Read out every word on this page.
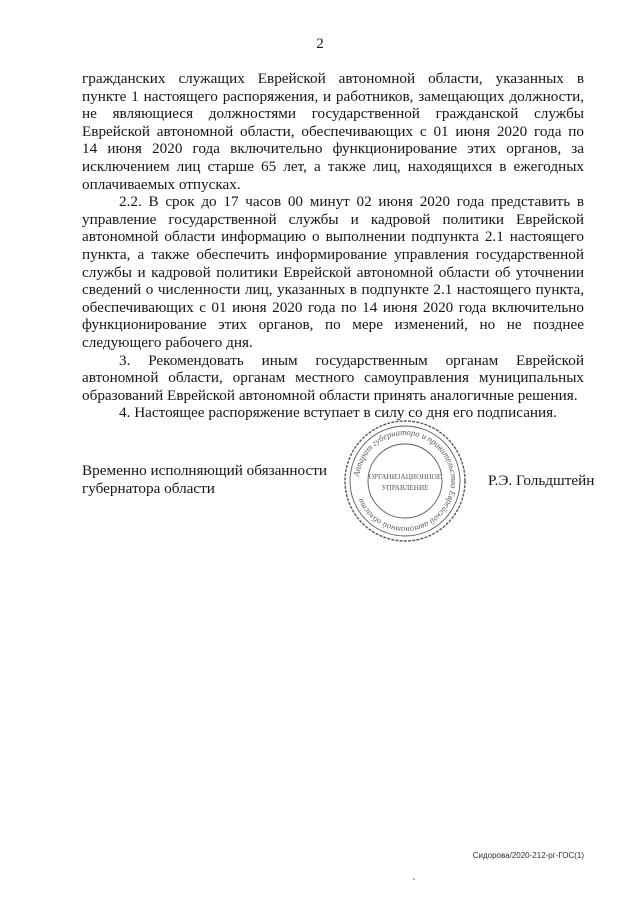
2
гражданских служащих Еврейской автономной области, указанных в
пункте 1 настоящего распоряжения, и работников, замещающих должности,
не являющиеся должностями государственной гражданской службы
Еврейской автономной области, обеспечивающих с 01 июня 2020 года по
14 июня 2020 года включительно функционирование этих органов, за
исключением лиц старше 65 лет, а также лиц, находящихся в ежегодных
оплачиваемых отпусках.
2.2. В срок до 17 часов 00 минут 02 июня 2020 года представить в
управление государственной службы и кадровой политики Еврейской
автономной области информацию о выполнении подпункта 2.1 настоящего
пункта, а также обеспечить информирование управления государственной
службы и кадровой политики Еврейской автономной области об уточнении
сведений о численности лиц, указанных в подпункте 2.1 настоящего пункта,
обеспечивающих с 01 июня 2020 года по 14 июня 2020 года включительно
функционирование этих органов, по мере изменений, но не позднее
следующего рабочего дня.
3. Рекомендовать иным государственным органам Еврейской
автономной области, органам местного самоуправления муниципальных
образований Еврейской автономной области принять аналогичные решения.
4. Настоящее распоряжение вступает в силу со дня его подписания.
Временно исполняющий обязанности
губернатора области
Аппарат губернатора и правительства Еврейской автономной области
ОРГАНИЗАЦИОННОЕ
УПРАВЛЕНИЕ	Р.Э. Гольдштейн
Сидорова/2020-212-рг-ГОС(1)
